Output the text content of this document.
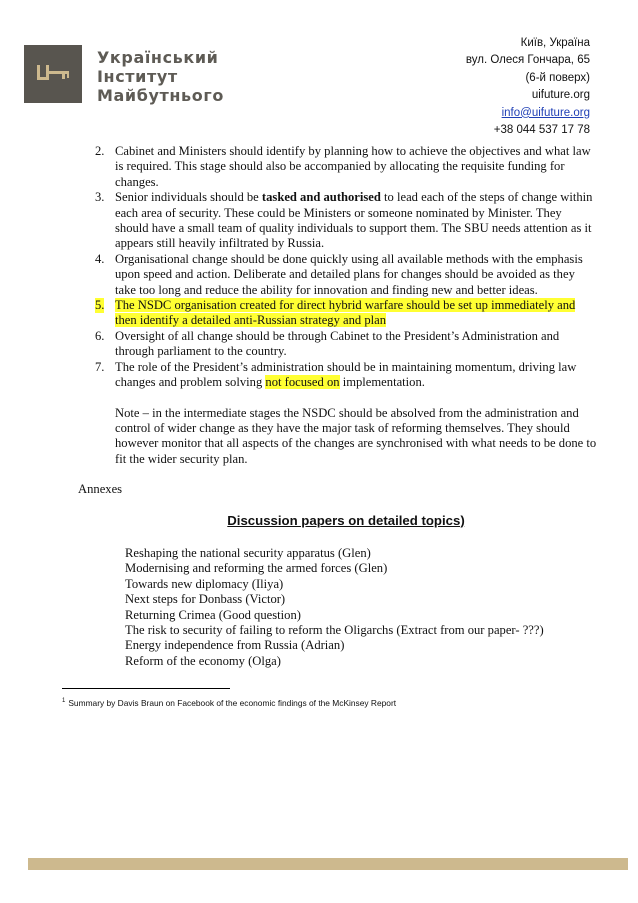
Український
Інститут
Майбутнього
Київ, Україна
вул. Олеся Гончара, 65
(6-й поверх)
uifuture.org
info@uifuture.org
+38 044 537 17 78
2. Cabinet and Ministers should identify by planning how to achieve the objectives and what law is required. This stage should also be accompanied by allocating the requisite funding for changes.
3. Senior individuals should be tasked and authorised to lead each of the steps of change within each area of security. These could be Ministers or someone nominated by Minister. They should have a small team of quality individuals to support them. The SBU needs attention as it appears still heavily infiltrated by Russia.
4. Organisational change should be done quickly using all available methods with the emphasis upon speed and action. Deliberate and detailed plans for changes should be avoided as they take too long and reduce the ability for innovation and finding new and better ideas.
5. The NSDC organisation created for direct hybrid warfare should be set up immediately and then identify a detailed anti-Russian strategy and plan
6. Oversight of all change should be through Cabinet to the President’s Administration and through parliament to the country.
7. The role of the President’s administration should be in maintaining momentum, driving law changes and problem solving not focused on implementation.
Note – in the intermediate stages the NSDC should be absolved from the administration and control of wider change as they have the major task of reforming themselves. They should however monitor that all aspects of the changes are synchronised with what needs to be done to fit the wider security plan.
Annexes
Discussion papers on detailed topics)
Reshaping the national security apparatus (Glen)
Modernising and reforming the armed forces (Glen)
Towards new diplomacy (Iliya)
Next steps for Donbass (Victor)
Returning Crimea (Good question)
The risk to security of failing to reform the Oligarchs (Extract from our paper- ???)
Energy independence from Russia (Adrian)
Reform of the economy (Olga)
$^1$ Summary by Davis Braun on Facebook of the economic findings of the McKinsey Report
